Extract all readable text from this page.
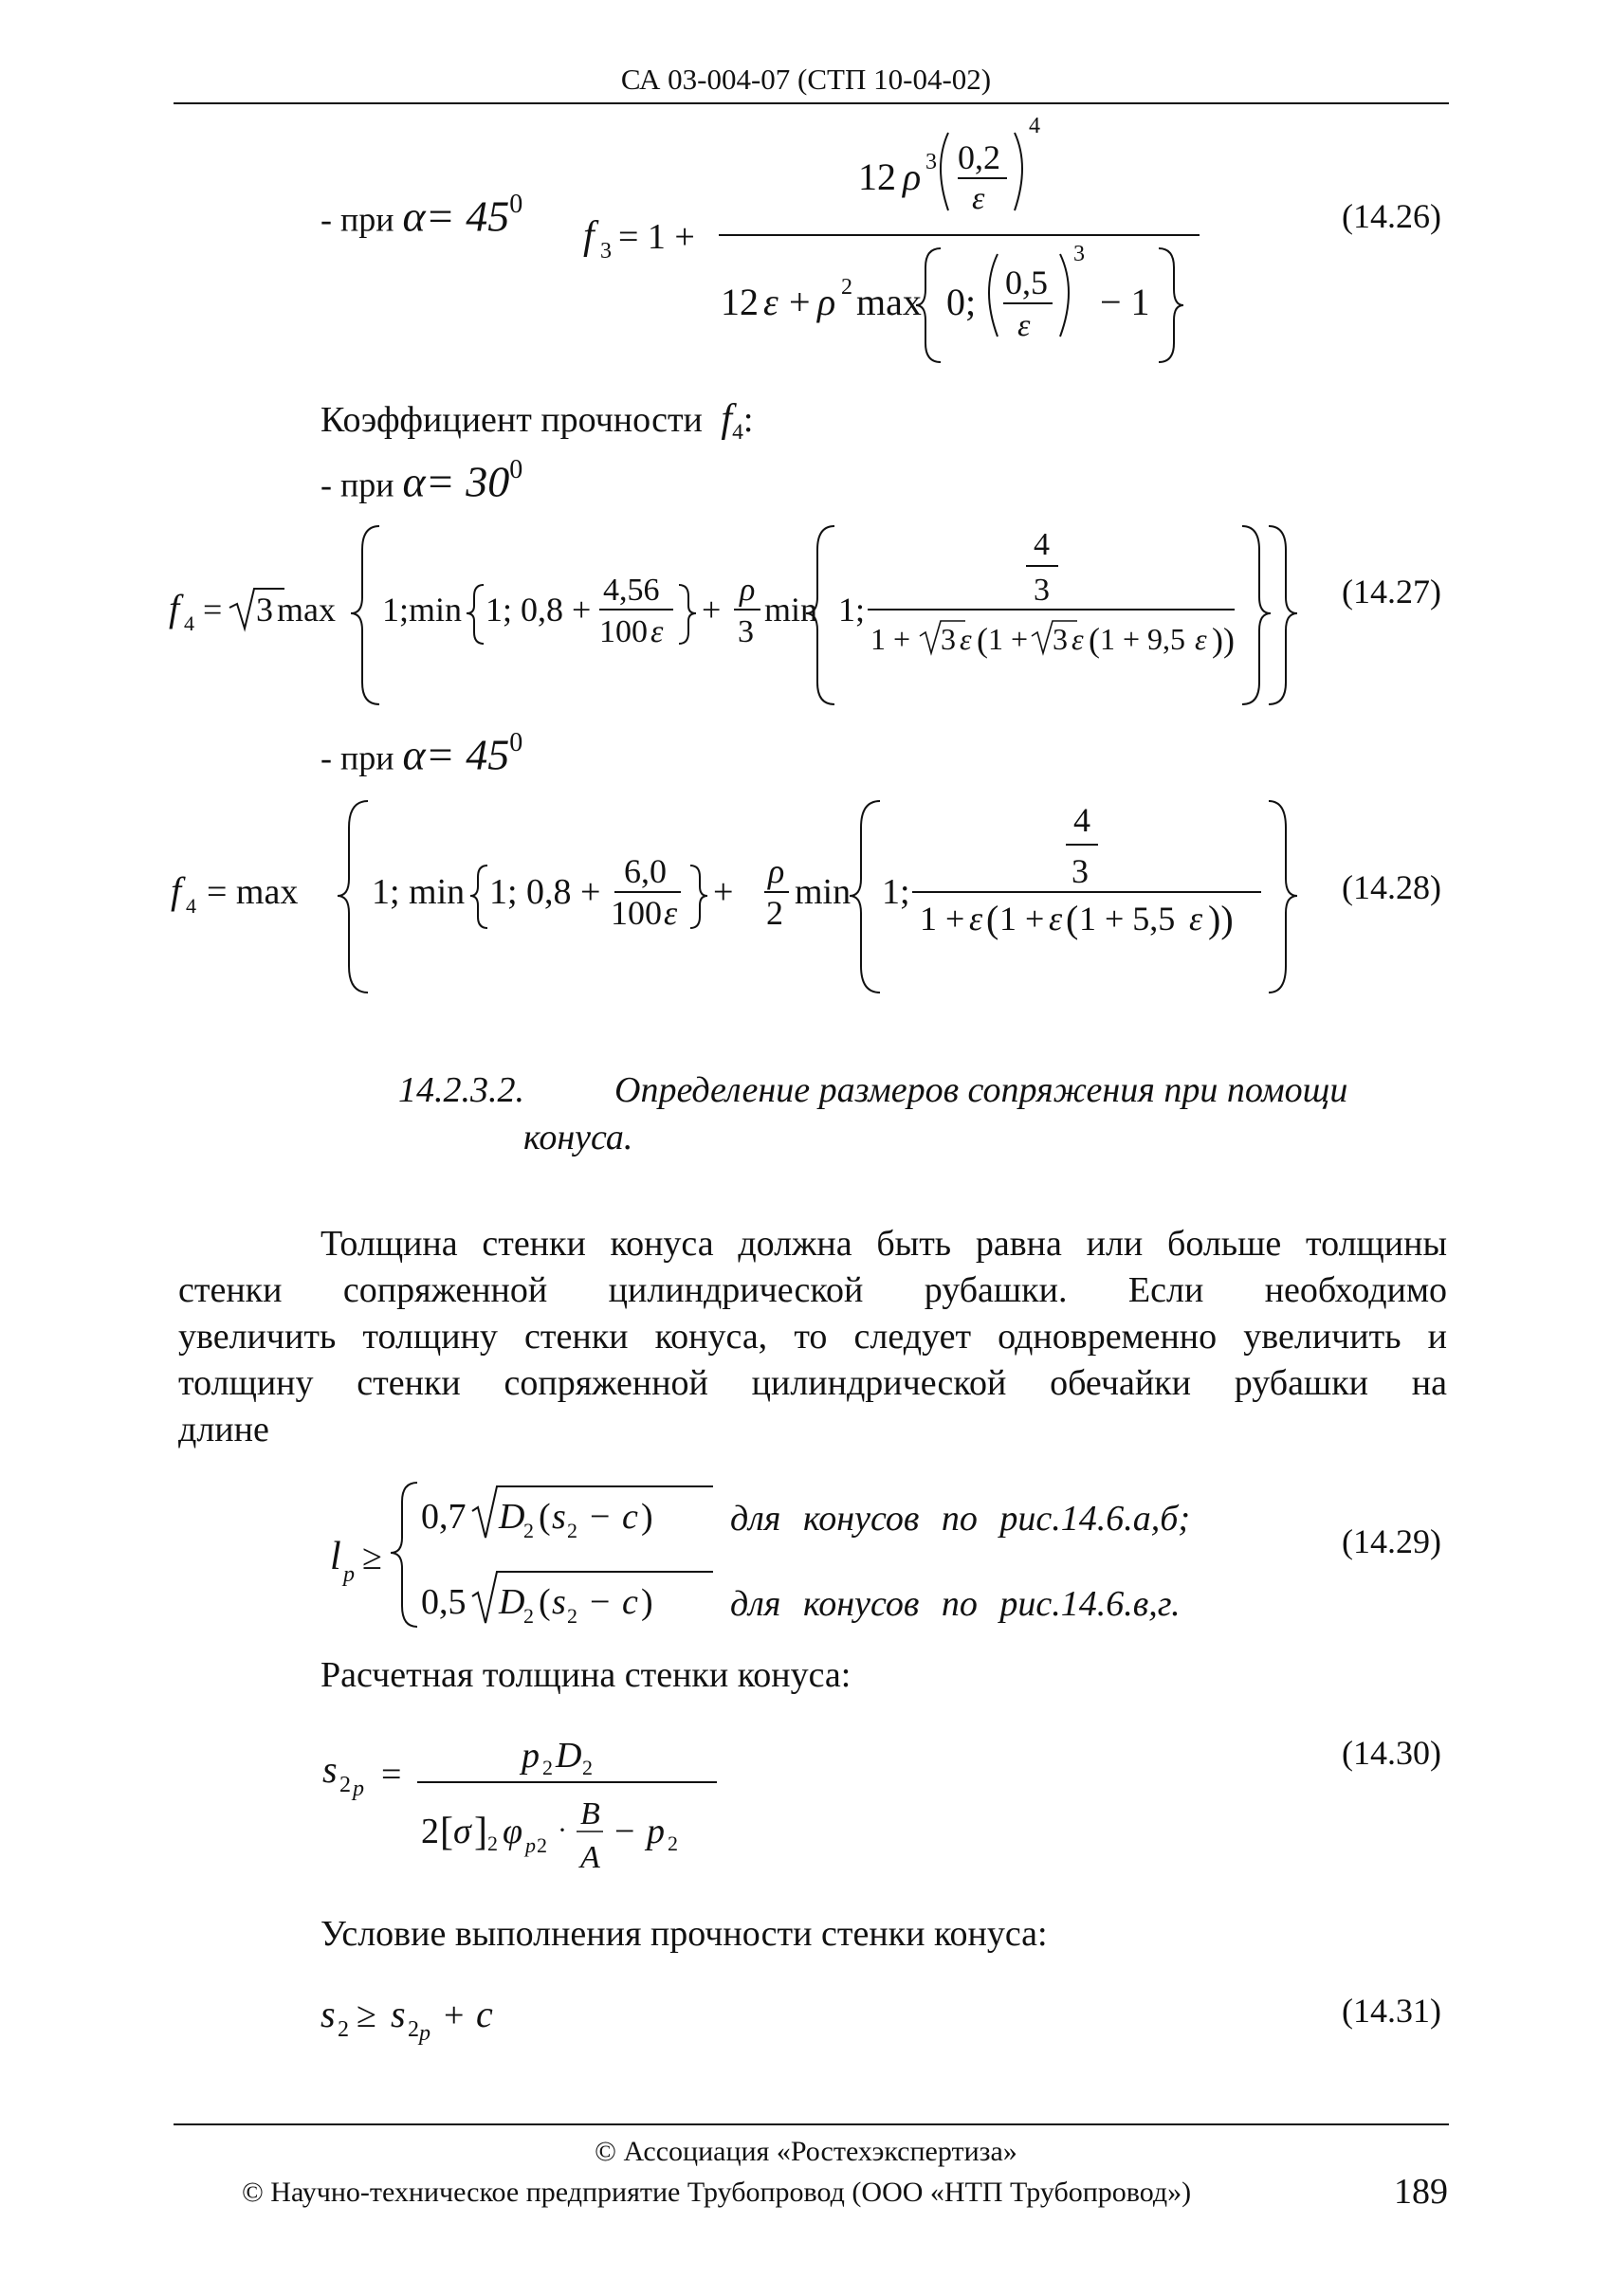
СА 03-004-07 (СТП 10-04-02)
- при $\alpha= 45^0$
f 3 = 1 +
12 ρ 3 0,2
ε
4
12 ε + ρ 2 max 0; 0,5
ε
3
− 1
(14.26)
Коэффициент прочности $f_4$:
- при $\alpha= 30^0$
f 4 = 3 max 1;min 1; 0,8 +
4,56
100 ε
+
ρ
3
min 1;
4
3
1 + 3 ε ( 1 + 3 ε ( 1 + 9,5 ε ))
(14.27)
- при $\alpha= 45^0$
f 4 = max 1; min 1; 0,8 +
6,0
100 ε
+
ρ
2
min 1;
4
3
1 + ε ( 1 + ε ( 1 + 5,5 ε ))
(14.28)
14.2.3.2.	Определение размеров сопряжения при помощи
конуса.
Толщина стенки конуса должна быть равна или больше толщины
стенки сопряженной цилиндрической рубашки. Если необходимо
увеличить толщину стенки конуса, то следует одновременно увеличить и
толщину стенки сопряженной цилиндрической обечайки рубашки на
длине
l p ≥
0,7 D
2 ( s 2 − c )
0,5 D
2 ( s 2 − c )
для конусов по рис.14.6.а,б;
для конусов по рис.14.6.в,г.
(14.29)
Расчетная толщина стенки конуса:
s 2 p =	p 2 D 2
2 [ σ ] 2 φ p 2 · B
A
− p 2
(14.30)
Условие выполнения прочности стенки конуса:
s 2 ≥ s 2 p + c	(14.31)
© Ассоциация «Ростехэкспертиза»
© Научно-техническое предприятие Трубопровод (ООО «НТП Трубопровод»)	189
